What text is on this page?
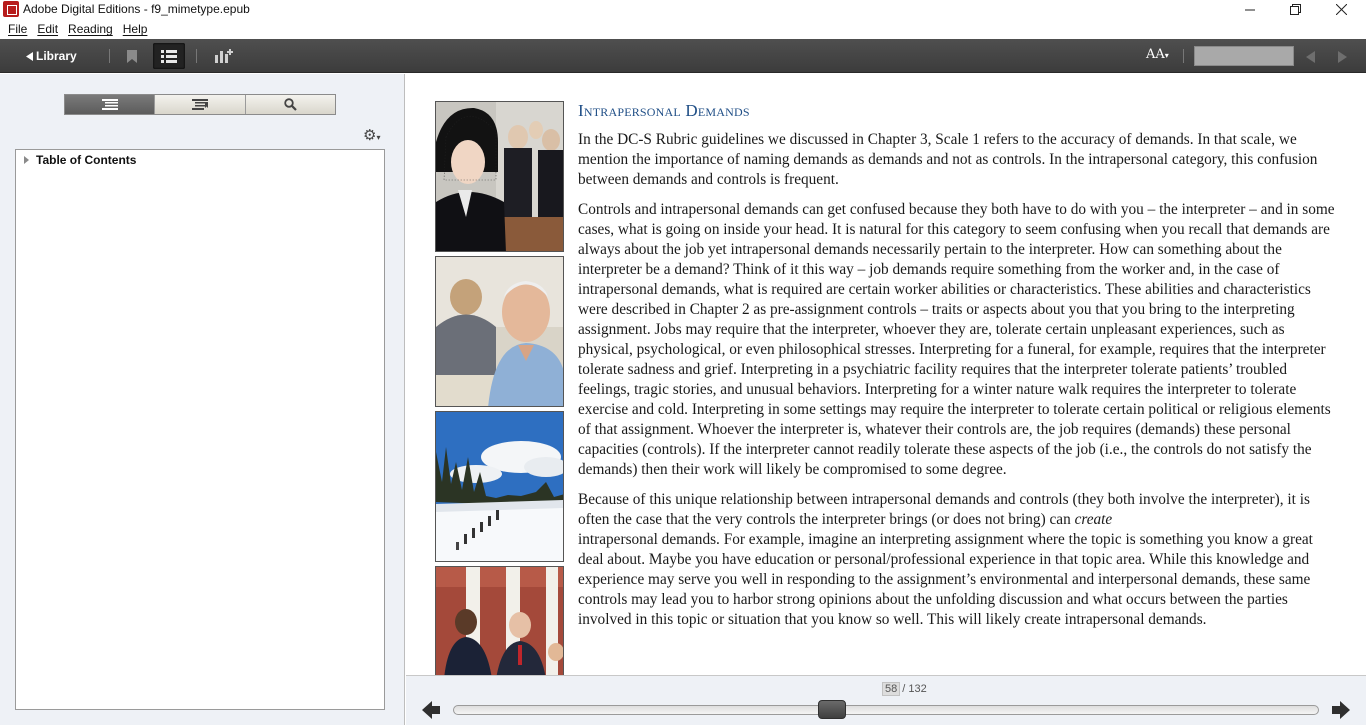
Adobe Digital Editions - f9_mimetype.epub
File Edit Reading Help
Library	AA▾
⚙▾
Table of Contents
Intrapersonal Demands

In the DC-S Rubric guidelines we discussed in Chapter 3, Scale 1 refers to the accuracy of demands. In that scale, we mention the importance of naming demands as demands and not as controls. In the intrapersonal category, this confusion between demands and controls is frequent.

Controls and intrapersonal demands can get confused because they both have to do with you – the interpreter – and in some cases, what is going on inside your head. It is natural for this category to seem confusing when you recall that demands are always about the job yet intrapersonal demands necessarily pertain to the interpreter. How can something about the interpreter be a demand? Think of it this way – job demands require something from the worker and, in the case of intrapersonal demands, what is required are certain worker abilities or characteristics. These abilities and characteristics were described in Chapter 2 as pre-assignment controls – traits or aspects about you that you bring to the interpreting assignment. Jobs may require that the interpreter, whoever they are, tolerate certain unpleasant experiences, such as physical, psychological, or even philosophical stresses. Interpreting for a funeral, for example, requires that the interpreter tolerate sadness and grief. Interpreting in a psychiatric facility requires that the interpreter tolerate patients’ troubled feelings, tragic stories, and unusual behaviors. Interpreting for a winter nature walk requires the interpreter to tolerate exercise and cold. Interpreting in some settings may require the interpreter to tolerate certain political or religious elements of that assignment. Whoever the interpreter is, whatever their controls are, the job requires (demands) these personal capacities (controls). If the interpreter cannot readily tolerate these aspects of the job (i.e., the controls do not satisfy the demands) then their work will likely be compromised to some degree.

Because of this unique relationship between intrapersonal demands and controls (they both involve the interpreter), it is often the case that the very controls the interpreter brings (or does not bring) can create
intrapersonal demands. For example, imagine an interpreting assignment where the topic is something you know a great deal about. Maybe you have education or personal/professional experience in that topic area. While this knowledge and experience may serve you well in responding to the assignment’s environmental and interpersonal demands, these same controls may lead you to harbor strong opinions about the unfolding discussion and what occurs between the parties involved in this topic or situation that you know so well. This will likely create intrapersonal demands.

58 / 132
